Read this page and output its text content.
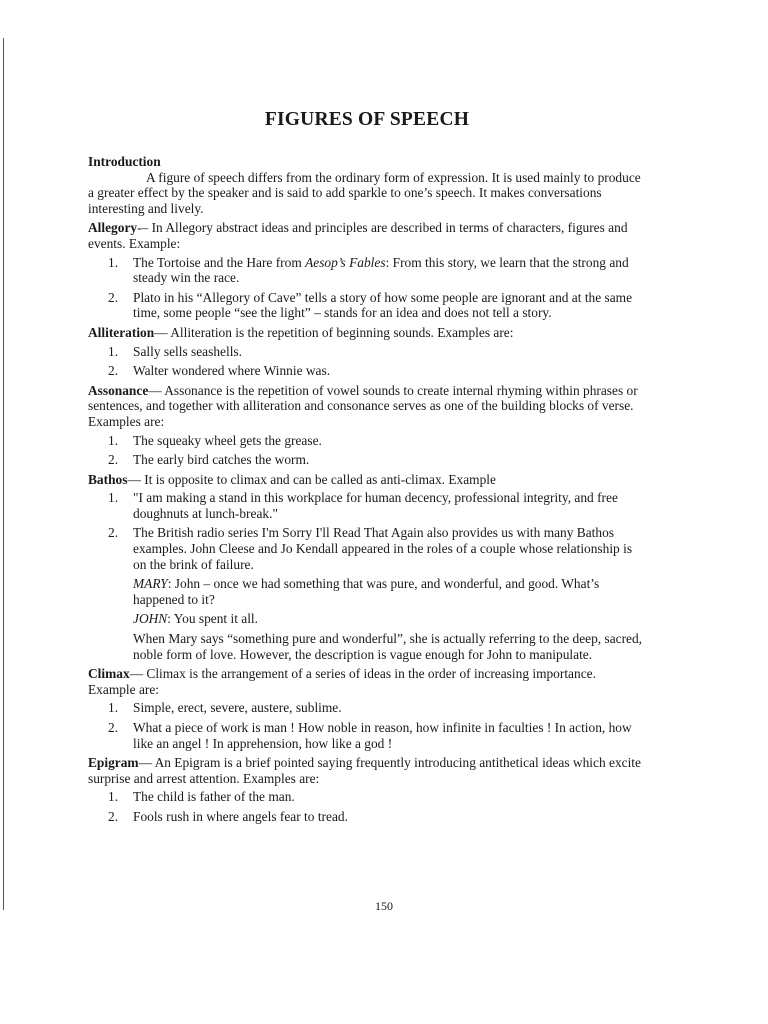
FIGURES OF SPEECH

Introduction

A figure of speech differs from the ordinary form of expression. It is used mainly to produce a greater effect by the speaker and is said to add sparkle to one’s speech. It makes conversations interesting and lively.

Allegory-– In Allegory abstract ideas and principles are described in terms of characters, figures and events. Example:

1.	The Tortoise and the Hare from Aesop’s Fables: From this story, we learn that the strong and steady win the race.
2.	Plato in his “Allegory of Cave” tells a story of how some people are ignorant and at the same time, some people “see the light” – stands for an idea and does not tell a story.

Alliteration— Alliteration is the repetition of beginning sounds. Examples are:

1.	Sally sells seashells.
2.	Walter wondered where Winnie was.

Assonance— Assonance is the repetition of vowel sounds to create internal rhyming within phrases or sentences, and together with alliteration and consonance serves as one of the building blocks of verse. Examples are:

1.	The squeaky wheel gets the grease.
2.	The early bird catches the worm.

Bathos— It is opposite to climax and can be called as anti-climax. Example

1.	"I am making a stand in this workplace for human decency, professional integrity, and free doughnuts at lunch-break."
2.	The British radio series I'm Sorry I'll Read That Again also provides us with many Bathos examples. John Cleese and Jo Kendall appeared in the roles of a couple whose relationship is on the brink of failure.

MARY: John – once we had something that was pure, and wonderful, and good. What’s happened to it?

JOHN: You spent it all.

When Mary says “something pure and wonderful”, she is actually referring to the deep, sacred, noble form of love. However, the description is vague enough for John to manipulate.

Climax— Climax is the arrangement of a series of ideas in the order of increasing importance. Example are:

1.	Simple, erect, severe, austere, sublime.
2.	What a piece of work is man ! How noble in reason, how infinite in faculties ! In action, how like an angel ! In apprehension, how like a god !

Epigram— An Epigram is a brief pointed saying frequently introducing antithetical ideas which excite surprise and arrest attention. Examples are:

1.	The child is father of the man.
2.	Fools rush in where angels fear to tread.
150
